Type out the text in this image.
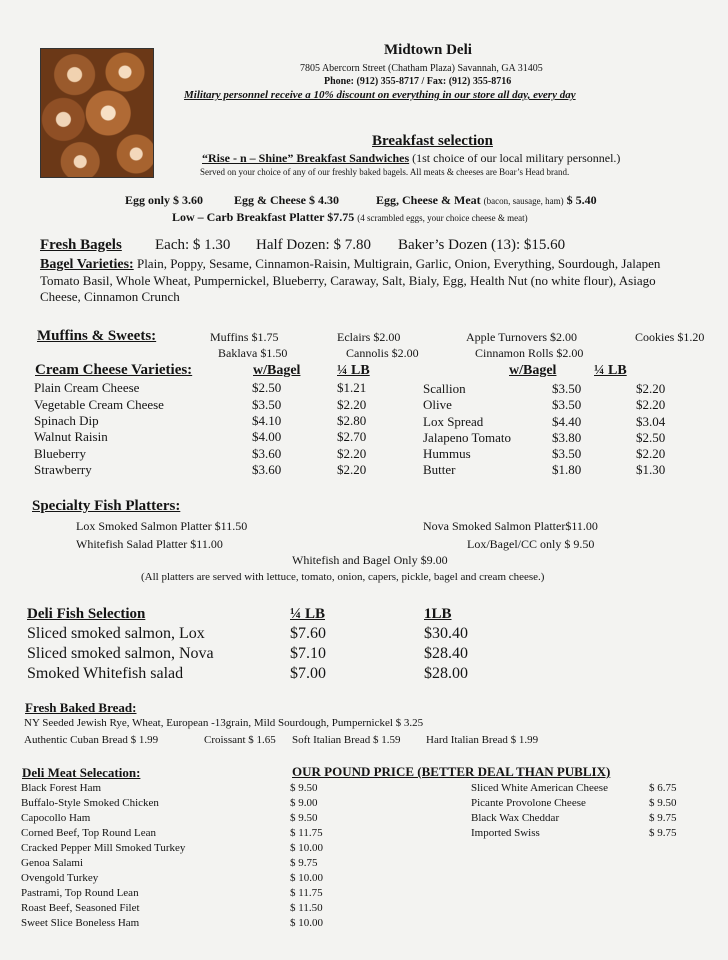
Midtown Deli
7805 Abercorn Street (Chatham Plaza) Savannah, GA 31405
Phone: (912) 355-8717 / Fax: (912) 355-8716
Military personnel receive a 10% discount on everything in our store all day, every day
Breakfast selection
“Rise - n – Shine” Breakfast Sandwiches (1st choice of our local military personnel.)
Served on your choice of any of our freshly baked bagels. All meats & cheeses are Boar’s Head brand.
Egg only $ 3.60	Egg & Cheese $ 4.30	Egg, Cheese & Meat (bacon, sausage, ham) $ 5.40
Low – Carb Breakfast Platter $7.75 (4 scrambled eggs, your choice cheese & meat)
Fresh Bagels Each: $ 1.30 Half Dozen: $ 7.80 Baker’s Dozen (13): $15.60
Bagel Varieties: Plain, Poppy, Sesame, Cinnamon-Raisin, Multigrain, Garlic, Onion, Everything, Sourdough, Jalapen
Tomato Basil, Whole Wheat, Pumpernickel, Blueberry, Caraway, Salt, Bialy, Egg, Health Nut (no white flour), Asiago
Cheese, Cinnamon Crunch
Muffins & Sweets:	Muffins $1.75	Eclairs $2.00	Apple Turnovers $2.00	Cookies $1.20
Baklava $1.50	Cannolis $2.00	Cinnamon Rolls $2.00
Cream Cheese Varieties:	w/Bagel	¼ LB	w/Bagel	¼ LB
Plain Cream Cheese	$2.50	$1.21
Vegetable Cream Cheese	$3.50	$2.20
Spinach Dip	$4.10	$2.80
Walnut Raisin	$4.00	$2.70
Blueberry	$3.60	$2.20
Strawberry	$3.60	$2.20
Scallion	$3.50	$2.20
Olive	$3.50	$2.20
Lox Spread	$4.40	$3.04
Jalapeno Tomato	$3.80	$2.50
Hummus	$3.50	$2.20
Butter	$1.80	$1.30
Specialty Fish Platters:
Lox Smoked Salmon Platter $11.50	Nova Smoked Salmon Platter$11.00
Whitefish Salad Platter $11.00	Lox/Bagel/CC only $ 9.50
Whitefish and Bagel Only $9.00
(All platters are served with lettuce, tomato, onion, capers, pickle, bagel and cream cheese.)
Deli Fish Selection	¼ LB	1LB
Sliced smoked salmon, Lox	$7.60	$30.40
Sliced smoked salmon, Nova	$7.10	$28.40
Smoked Whitefish salad	$7.00	$28.00
Fresh Baked Bread:
NY Seeded Jewish Rye, Wheat, European -13grain, Mild Sourdough, Pumpernickel $ 3.25
Authentic Cuban Bread $ 1.99	Croissant $ 1.65 Soft Italian Bread $ 1.59 Hard Italian Bread $ 1.99
Deli Meat Selecation:	OUR POUND PRICE (BETTER DEAL THAN PUBLIX)
Black Forest Ham	$ 9.50
Buffalo-Style Smoked Chicken	$ 9.00
Capocollo Ham	$ 9.50
Corned Beef, Top Round Lean	$ 11.75
Cracked Pepper Mill Smoked Turkey	$ 10.00
Genoa Salami	$ 9.75
Ovengold Turkey	$ 10.00
Pastrami, Top Round Lean	$ 11.75
Roast Beef, Seasoned Filet	$ 11.50
Sweet Slice Boneless Ham	$ 10.00
Sliced White American Cheese	$ 6.75
Picante Provolone Cheese	$ 9.50
Black Wax Cheddar	$ 9.75
Imported Swiss	$ 9.75
